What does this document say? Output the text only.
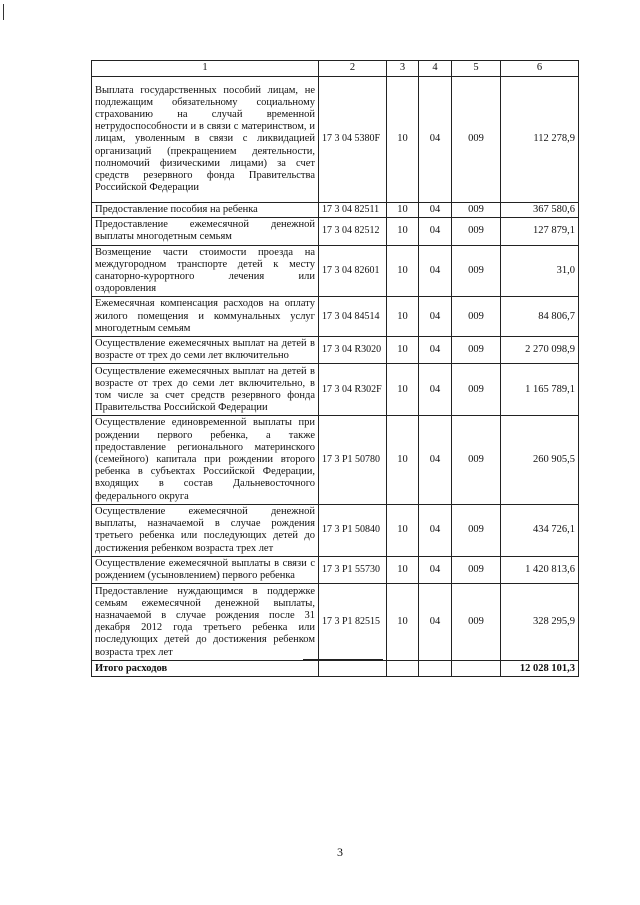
1	2	3	4	5	6
Выплата государственных пособий лицам, не подлежащим обязательному социальному страхованию на случай временной нетрудоспособности и в связи с материнством, и лицам, уволенным в связи с ликвидацией организаций (прекращением деятельности, полномочий физическими лицами) за счет средств резервного фонда Правительства Российской Федерации	17 3 04 5380F	10	04	009	112 278,9
Предоставление пособия на ребенка	17 3 04 82511	10	04	009	367 580,6
Предоставление ежемесячной денежной выплаты многодетным семьям	17 3 04 82512	10	04	009	127 879,1
Возмещение части стоимости проезда на междугородном транспорте детей к месту санаторно-курортного лечения или оздоровления	17 3 04 82601	10	04	009	31,0
Ежемесячная компенсация расходов на оплату жилого помещения и коммунальных услуг многодетным семьям	17 3 04 84514	10	04	009	84 806,7
Осуществление ежемесячных выплат на детей в возрасте от трех до семи лет включительно	17 3 04 R3020	10	04	009	2 270 098,9
Осуществление ежемесячных выплат на детей в возрасте от трех до семи лет включительно, в том числе за счет средств резервного фонда Правительства Российской Федерации	17 3 04 R302F	10	04	009	1 165 789,1
Осуществление единовременной выплаты при рождении первого ребенка, а также предоставление регионального материнского (семейного) капитала при рождении второго ребенка в субъектах Российской Федерации, входящих в состав Дальневосточного федерального округа	17 3 P1 50780	10	04	009	260 905,5
Осуществление ежемесячной денежной выплаты, назначаемой в случае рождения третьего ребенка или последующих детей до достижения ребенком возраста трех лет	17 3 P1 50840	10	04	009	434 726,1
Осуществление ежемесячной выплаты в связи с рождением (усыновлением) первого ребенка	17 3 P1 55730	10	04	009	1 420 813,6
Предоставление нуждающимся в поддержке семьям ежемесячной денежной выплаты, назначаемой в случае рождения после 31 декабря 2012 года третьего ребенка или последующих детей до достижения ребенком возраста трех лет	17 3 P1 82515	10	04	009	328 295,9
Итого расходов					12 028 101,3
3
